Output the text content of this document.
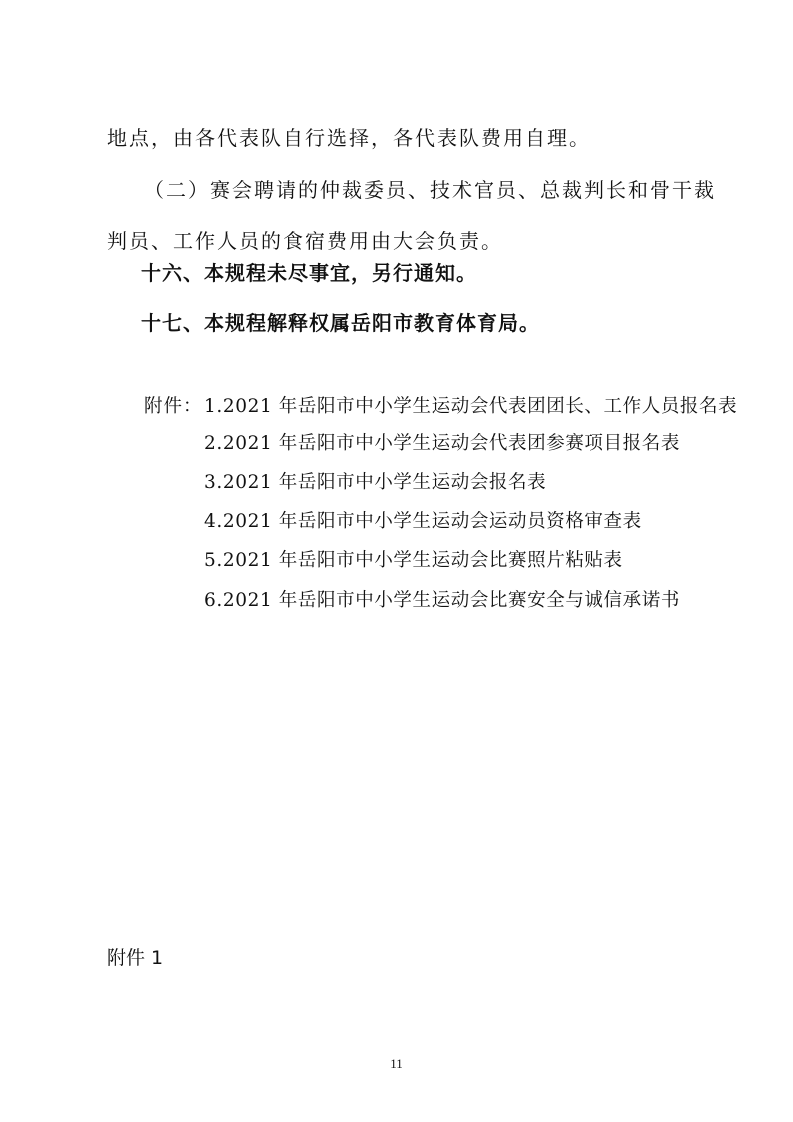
地点，由各代表队自行选择，各代表队费用自理。
（二）赛会聘请的仲裁委员、技术官员、总裁判长和骨干裁
判员、工作人员的食宿费用由大会负责。
十六、本规程未尽事宜，另行通知。
十七、本规程解释权属岳阳市教育体育局。
附件： 1.2021 年岳阳市中小学生运动会代表团团长、工作人员报名表
2.2021 年岳阳市中小学生运动会代表团参赛项目报名表
3.2021 年岳阳市中小学生运动会报名表
4.2021 年岳阳市中小学生运动会运动员资格审查表
5.2021 年岳阳市中小学生运动会比赛照片粘贴表
6.2021 年岳阳市中小学生运动会比赛安全与诚信承诺书
附件 1
11
